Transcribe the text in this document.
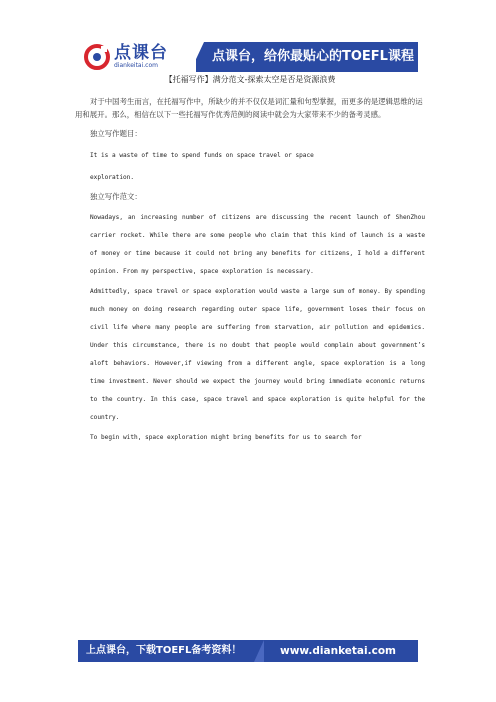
点课台
diankeitai.com
点课台，给你最贴心的TOEFL课程

【托福写作】满分范文-探索太空是否是资源浪费

对于中国考生而言，在托福写作中，所缺少的并不仅仅是词汇量和句型掌握，而更多的是逻辑思维的运用和展开。那么，相信在以下一些托福写作优秀范例的阅读中就会为大家带来不少的备考灵感。

独立写作题目：

It is a waste of time to spend funds on space travel or space

exploration.

独立写作范文：

Nowadays, an increasing number of citizens are discussing the recent launch of ShenZhou carrier rocket. While there are some people who claim that this kind of launch is a waste of money or time because it could not bring any benefits for citizens, I hold a different opinion. From my perspective, space exploration is necessary.

Admittedly, space travel or space exploration would waste a large sum of money. By spending much money on doing research regarding outer space life, government loses their focus on civil life where many people are suffering from starvation, air pollution and epidemics. Under this circumstance, there is no doubt that people would complain about government’s aloft behaviors. However,if viewing from a different angle, space exploration is a long time investment. Never should we expect the journey would bring immediate economic returns to the country. In this case, space travel and space exploration is quite helpful for the country.

To begin with, space exploration might bring benefits for us to search for

上点课台，下载TOEFL备考资料！	www.dianketai.com
